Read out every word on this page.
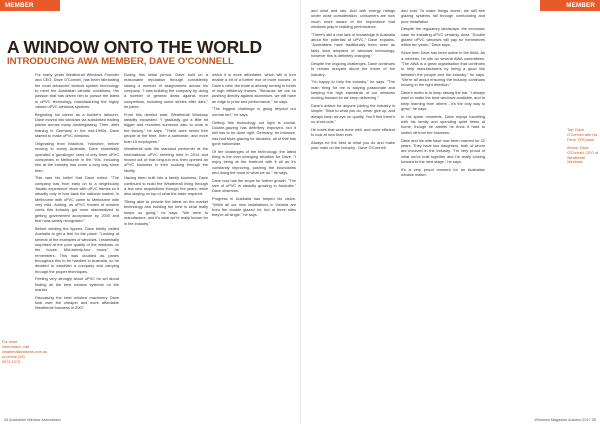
MEMBER PROFILE
A WINDOW ONTO THE WORLD
INTRODUCING AWA MEMBER, DAVE O'CONNELL

For many years Weatherall Windows Founder and CEO, Dave O'Connell, has been fabricating the most advanced window system technology to meet the Australian climatic conditions. His passion that has driven him to pursue the latest in uPVC technology, manufacturing the highly valued uPVC windows systems.

Beginning his career as a builder's labourer, Dave moved into windows via subsidised trading planks across many doubleglazing. Then, after training in Germany in the mid-1990s, Dave started to make uPVC windows.

Originating from Bradford, Yorkshire, before moving to sunny Australia, Dave essentially operated a 'gunslinger' crew of only three uPVC companies in Melbourne in the '90s, including him at the industry has come a long way since then.

This was his belief that Dave noted: "The company has from early on to a neighbourly 'fanatic experience' block with uPVC frames so it steadily only in how back the national market, in Melbourne with uPVC came to Melbourne with very mild. Adding, as uPVC frames of window cores this industry got more standardized to getting government acceptance by 2000 and then was widely recognised."

Before winding the figures, Dave briefly visited Australia to get a feel for the place. "Looking at several of the examples of windows, I essentially surprised at the poor quality of the windows on the house. Mid-twenty-four hours," he remembers. This was doubled as panes throughout this to be handled in Australia, so he decided to establish a company and carrying through the proper techniques.

Feeling very strongly about uPVC he set about finding all the best window systems on the market.

Discussing the best window machinery Dave took over the cheaper and more affordable Weatherall business in 2007.

During this initial period, Dave built on a reasonable reputation through consistently raising a number of assignments across his company. "I was building the company by doing a number of general deals against more competitors, including some strides after dark," he jokes.

From this derelict start, Weatherall Windows steadily expanded. "I gradually got a little bit bigger and recruited someone also to work in the factory," he says. "There were seven free people at the time, then a salesman, and more than 15 employees."

Weatherall was the standout performer at the International uPVC meeting held in 2014 and moved out of that long-run era, then opened an uPVC business in their cooking through the facility.

Having been built into a family business, Dave continued to build the Weatherall lining through a few new acquisitions through the years, while also staying on top of what the trade required.

"Being able to provide the latest on the market technology and building the best is what really keeps us going," he says. "We were to manufacture, and it's what we're really known for in the industry."

which it is more affordable, which will in turn enable a bit of a further rise of more houses. In Dave's view, the trade is already turning to forms of high efficiency frames. "Because we are so pushing directly against aluminium, we will have an edge in price and performance," he says.

"The biggest challenge is going beyond our normal turf," he says.

Getting this technology out right is crucial. Double-glazing has definitely improved, but it still has to be done right. Germany, for instance, has had triple-glazing for decades, all of that has gone nationwide.

Of the challenges of the technology, the latest thing is the ever-changing situation for Dave. "I enjoy being at the forefront with it all as it's constantly improving, pushing the boundaries and doing the most of what we do," he says.

Dave now has the scope for further growth. "The size of uPVC is steadily growing in Australia," Dave observes.

Progress in Australia has helped his vision. "While all our new installations in Victoria are from the double glazed lot, but at three sites they're all single," he says.

For more information, visit weatherallwindows.com.au or phone (03) 9574 1375.
34 Australian Window Association
MEMBER PROFILE

and wind and rain. And with energy ratings under close consideration, consumers are now much more aware of the importance that windows play in building performance.

"There's still a real lack of knowledge in Australia about the potential of uPVC," Dave explains. "Australians have traditionally been seen as fairly slow adopters of windows technology, however this is definitely changing."

Despite the ongoing challenges, Dave continues to remain buoyant about the future of the industry.

"I'm happy to help the industry," he says. "The main thing for me is staying passionate and keeping the high standards of our windows moving forward so we keep delivering."

Dave's advice for anyone joining the industry is simple: "Stick to what you do, never give up, and always keep an eye on quality. You'll find there's no short-cuts."

He notes that work done well, and more efficient to look at now than ever.

Always be the best at what you do and make your mark on the industry - Dave O'Connell.

and sold. To make things worse, we still see glazing systems fail through overloading and poor installation.

Despite the regulatory landscape, the economic case for installing uPVC certainly clear. "Double glazed uPVC windows will pay for themselves within ten years," Dave says.

Since then Dave has been active in the AWA. As a member, he sits on several AWA committees. "The AWA is a great organisation that continues to help manufacturers by being a good link between the people and the industry," he says. "We're all about ensuring the industry continues moving in the right direction."

Dave's motto is to keep raising the bar. "I always want to make the best windows available, and to keep learning from others - it's the only way to grow," he says.

In his spare moments, Dave enjoys travelling with his family and spending quiet times at home, though he admits he finds it hard to switch off from the business.

Dave and his wife have now been married for 32 years. They have two daughters, both of whom are involved in the industry. "I'm very proud of what we've built together and I'm really looking forward to the next stage," he says.

It's a very proud moment for an Australian window maker.

Top: Dave O'Connell with his Fenzi VFB pane.
Above: Dave O'Connell, CEO of Weatherall Windows.
Windows Magazine Autumn 2017 35
